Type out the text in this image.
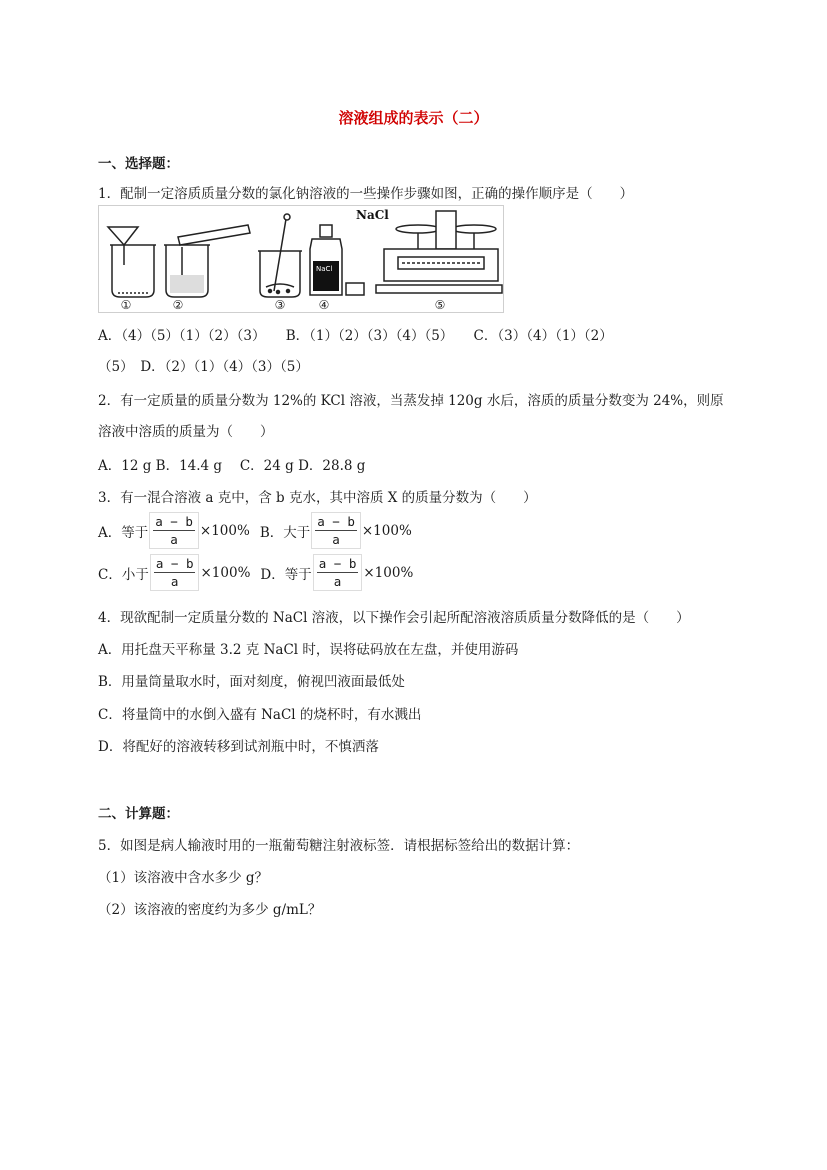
溶液组成的表示（二）
一、选择题：
1．配制一定溶质质量分数的氯化钠溶液的一些操作步骤如图，正确的操作顺序是（　　）
NaCl
NaCl
①	②	③	④	⑤
A．（4）（5）（1）（2）（3）　　B．（1）（2）（3）（4）（5）　　C．（3）（4）（1）（2）
（5）　D．（2）（1）（4）（3）（5）
2．有一定质量的质量分数为 12%的 KCl 溶液，当蒸发掉 120g 水后，溶质的质量分数变为 24%，则原
溶液中溶质的质量为（　　）
A．12 g B．14.4 g　 C．24 g D．28.8 g
3．有一混合溶液 a 克中，含 b 克水，其中溶质 X 的质量分数为（　　）
A．等于 $\frac{a - b}{a} \times 100\%$ B．大于 $\frac{a - b}{a} \times 100\%$
C．小于 $\frac{a - b}{a} \times 100\%$ D．等于 $\frac{a - b}{a} \times 100\%$
4．现欲配制一定质量分数的 NaCl 溶液，以下操作会引起所配溶液溶质质量分数降低的是（　　）
A．用托盘天平称量 3.2 克 NaCl 时，误将砝码放在左盘，并使用游码
B．用量筒量取水时，面对刻度，俯视凹液面最低处
C．将量筒中的水倒入盛有 NaCl 的烧杯时，有水溅出
D．将配好的溶液转移到试剂瓶中时，不慎洒落
二、计算题：
5．如图是病人输液时用的一瓶葡萄糖注射液标签．请根据标签给出的数据计算：
（1）该溶液中含水多少 g？
（2）该溶液的密度约为多少 g/mL？
